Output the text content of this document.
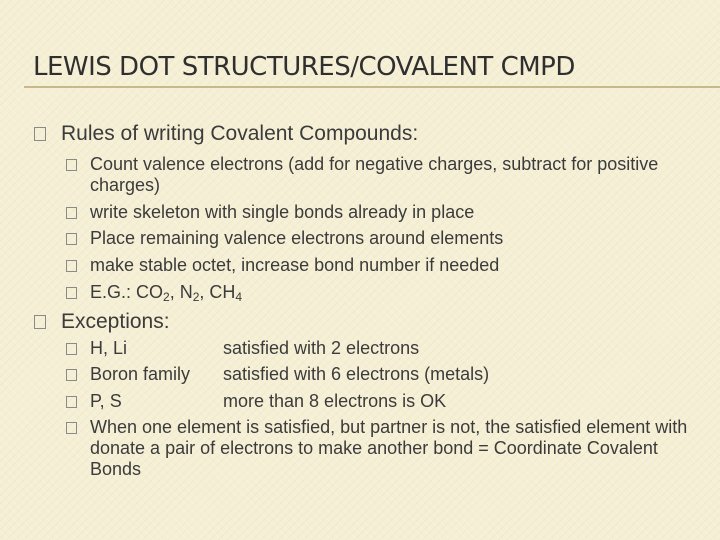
LEWIS DOT STRUCTURES/COVALENT CMPD
Rules of writing Covalent Compounds:
Count valence electrons (add for negative charges, subtract for positive charges)
write skeleton with single bonds already in place
Place remaining valence electrons around elements
make stable octet, increase bond number if needed
E.G.: $CO_2$, $N_2$, $CH_4$
Exceptions:
H, Li	satisfied with 2 electrons
Boron family satisfied with 6 electrons (metals)
P, S	more than 8 electrons is OK
When one element is satisfied, but partner is not, the satisfied element with donate a pair of electrons to make another bond = Coordinate Covalent Bonds
